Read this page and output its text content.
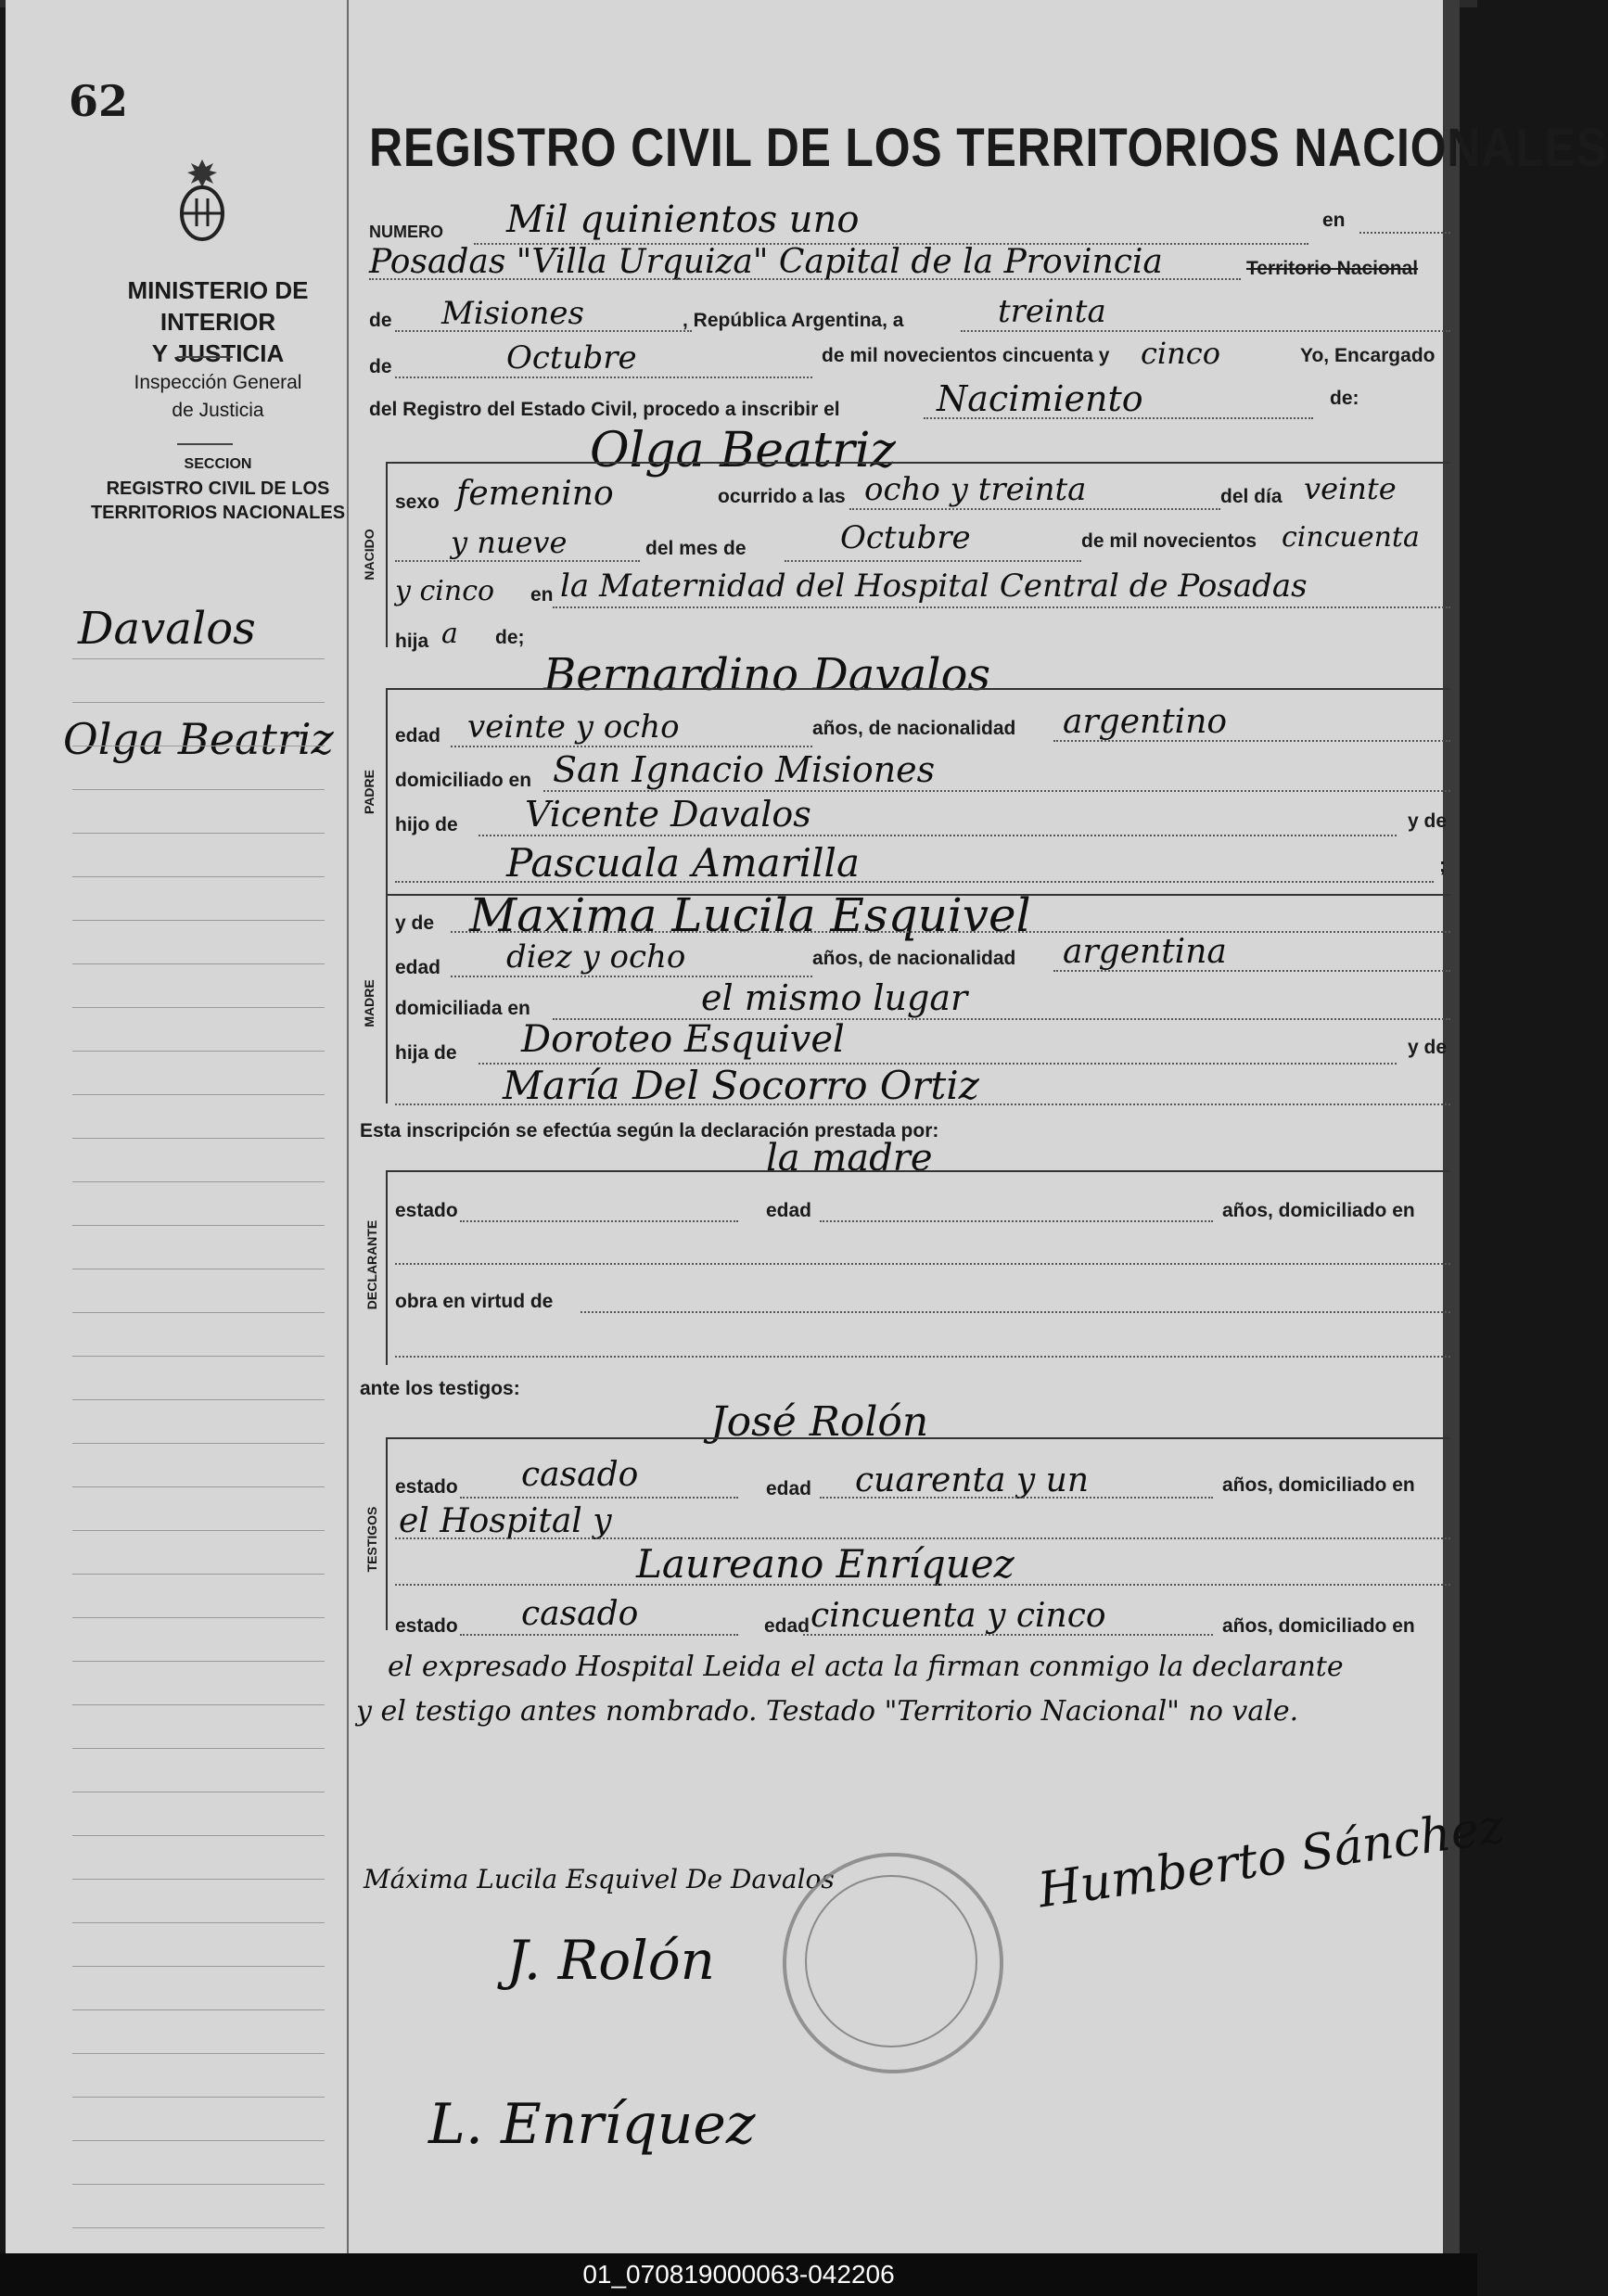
62
MINISTERIO DE INTERIOR
Y JUSTICIA
Inspección General
de Justicia
SECCION
REGISTRO CIVIL DE LOS
TERRITORIOS NACIONALES
Davalos
Olga Beatriz
REGISTRO CIVIL DE LOS TERRITORIOS NACIONALES
NUMERO Mil quinientos uno	en
Posadas "Villa Urquiza" Capital de la Provincia	Territorio Nacional
de Misiones	, República Argentina, a	treinta
de	Octubre	de mil novecientos cincuenta y cinco	Yo, Encargado
del Registro del Estado Civil, procedo a inscribir el	Nacimiento	de:
Olga Beatriz
NACIDO
sexo femenino	ocurrido a las ocho y treinta	del día veinte
y nueve	del mes de	Octubre	de mil novecientos cincuenta
y cinco en la Maternidad del Hospital Central de Posadas
hija a de;
Bernardino Davalos
PADRE
edad veinte y ocho	años, de nacionalidad argentino
domiciliado en San Ignacio Misiones
hijo de Vicente Davalos	y de
Pascuala Amarilla	;
MADRE
y de Maxima Lucila Esquivel
edad diez y ocho	años, de nacionalidad argentina
domiciliada en	el mismo lugar
hija de Doroteo Esquivel	y de
María Del Socorro Ortiz
Esta inscripción se efectúa según la declaración prestada por:
la madre
DECLARANTE
estado	edad	años, domiciliado en
obra en virtud de
ante los testigos:
José Rolón
TESTIGOS
estado casado	edad cuarenta y un	años, domiciliado en
el Hospital y
Laureano Enríquez
estado casado	edad cincuenta y cinco	años, domiciliado en
el expresado Hospital Leida el acta la firman conmigo la declarante
y el testigo antes nombrado. Testado "Territorio Nacional" no vale.
Máxima Lucila Esquivel De Davalos
J. Rolón
L. Enríquez
Humberto Sánchez
01_070819000063-042206
